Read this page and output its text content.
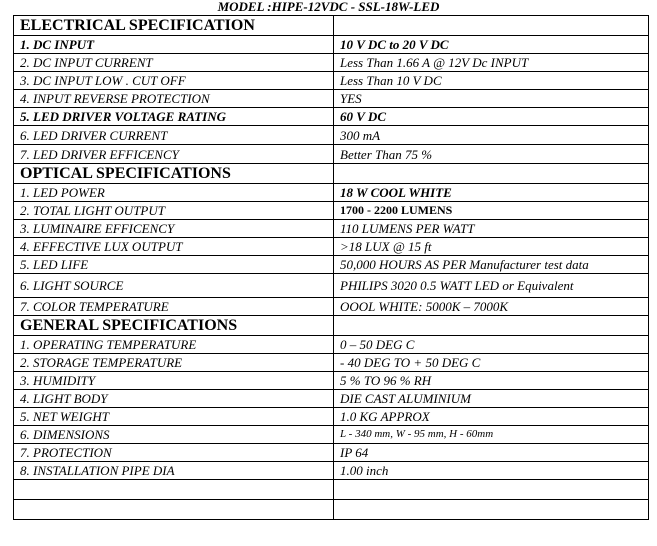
MODEL :HIPE-12VDC - SSL-18W-LED
ELECTRICAL SPECIFICATION	
1. DC INPUT	10 V DC to 20 V DC
2. DC INPUT CURRENT	Less Than 1.66 A @ 12V Dc INPUT
3. DC INPUT LOW . CUT OFF	Less Than 10 V DC
4. INPUT REVERSE PROTECTION	YES
5. LED DRIVER VOLTAGE RATING	60 V DC
6. LED DRIVER CURRENT	300 mA
7. LED DRIVER EFFICENCY	Better Than 75 %
OPTICAL SPECIFICATIONS	
1. LED POWER	18 W COOL WHITE
2. TOTAL LIGHT OUTPUT	1700 - 2200 LUMENS
3. LUMINAIRE EFFICENCY	110 LUMENS PER WATT
4. EFFECTIVE LUX OUTPUT	>18 LUX @ 15 ft
5. LED LIFE	50,000 HOURS AS PER Manufacturer test data
6. LIGHT SOURCE	PHILIPS 3020 0.5 WATT LED or Equivalent
7. COLOR TEMPERATURE	OOOL WHITE: 5000K – 7000K
GENERAL SPECIFICATIONS	
1. OPERATING TEMPERATURE	0 – 50 DEG C
2. STORAGE TEMPERATURE	- 40 DEG TO + 50 DEG C
3. HUMIDITY	5 % TO 96 % RH
4. LIGHT BODY	DIE CAST ALUMINIUM
5. NET WEIGHT	1.0 KG APPROX
6. DIMENSIONS	L - 340 mm, W - 95 mm, H - 60mm
7. PROTECTION	IP 64
8. INSTALLATION PIPE DIA	1.00 inch
